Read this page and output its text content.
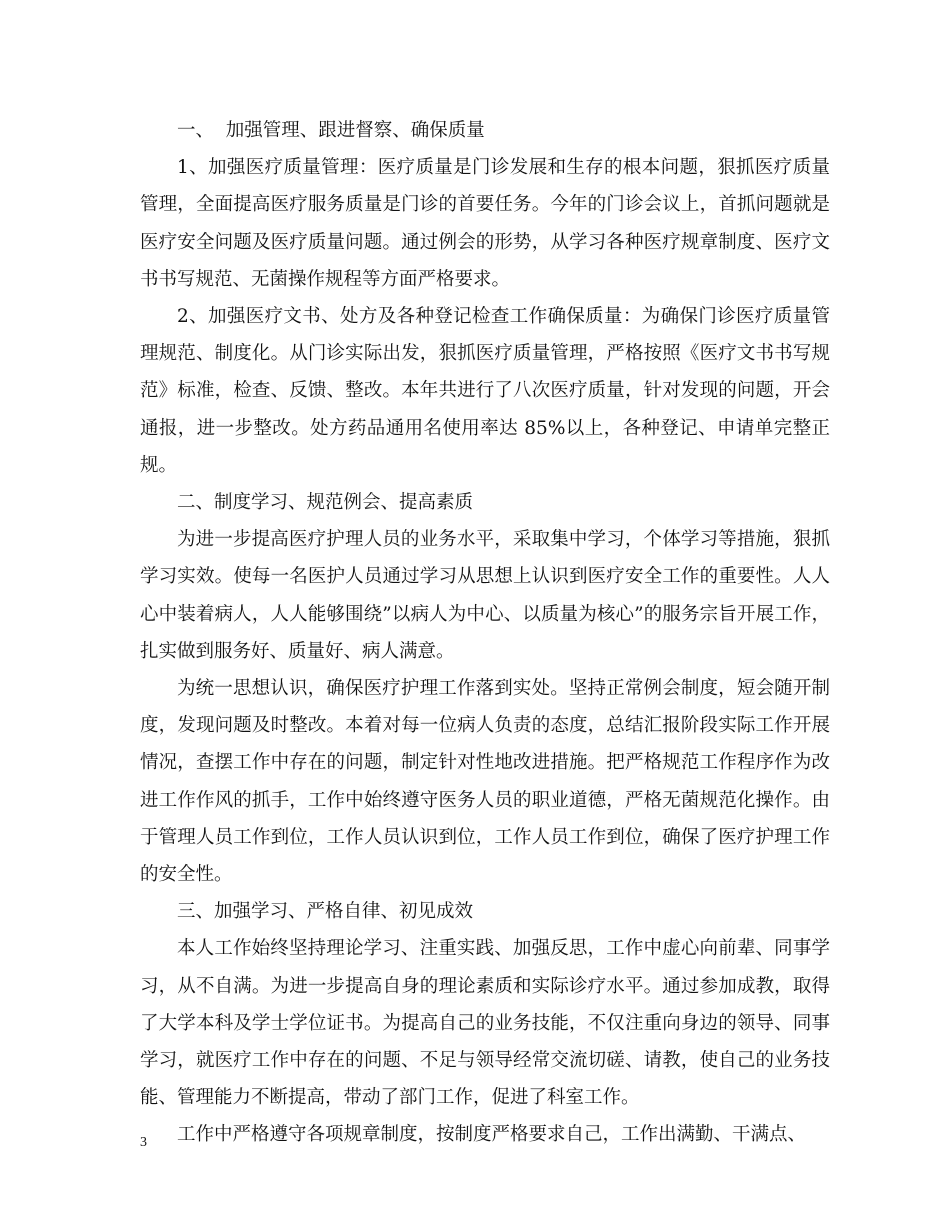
一、  加强管理、跟进督察、确保质量

1、加强医疗质量管理：医疗质量是门诊发展和生存的根本问题，狠抓医疗质量管理，全面提高医疗服务质量是门诊的首要任务。今年的门诊会议上，首抓问题就是医疗安全问题及医疗质量问题。通过例会的形势，从学习各种医疗规章制度、医疗文书书写规范、无菌操作规程等方面严格要求。

2、加强医疗文书、处方及各种登记检查工作确保质量：为确保门诊医疗质量管理规范、制度化。从门诊实际出发，狠抓医疗质量管理，严格按照《医疗文书书写规范》标准，检查、反馈、整改。本年共进行了八次医疗质量，针对发现的问题，开会通报，进一步整改。处方药品通用名使用率达 85%以上，各种登记、申请单完整正规。

二、制度学习、规范例会、提高素质

为进一步提高医疗护理人员的业务水平，采取集中学习，个体学习等措施，狠抓学习实效。使每一名医护人员通过学习从思想上认识到医疗安全工作的重要性。人人心中装着病人，人人能够围绕”以病人为中心、以质量为核心”的服务宗旨开展工作，扎实做到服务好、质量好、病人满意。

为统一思想认识，确保医疗护理工作落到实处。坚持正常例会制度，短会随开制度，发现问题及时整改。本着对每一位病人负责的态度，总结汇报阶段实际工作开展情况，查摆工作中存在的问题，制定针对性地改进措施。把严格规范工作程序作为改进工作作风的抓手，工作中始终遵守医务人员的职业道德，严格无菌规范化操作。由于管理人员工作到位，工作人员认识到位，工作人员工作到位，确保了医疗护理工作的安全性。

三、加强学习、严格自律、初见成效

本人工作始终坚持理论学习、注重实践、加强反思，工作中虚心向前辈、同事学习，从不自满。为进一步提高自身的理论素质和实际诊疗水平。通过参加成教，取得了大学本科及学士学位证书。为提高自己的业务技能，不仅注重向身边的领导、同事学习，就医疗工作中存在的问题、不足与领导经常交流切磋、请教，使自己的业务技能、管理能力不断提高，带动了部门工作，促进了科室工作。

工作中严格遵守各项规章制度，按制度严格要求自己，工作出满勤、干满点、

3
